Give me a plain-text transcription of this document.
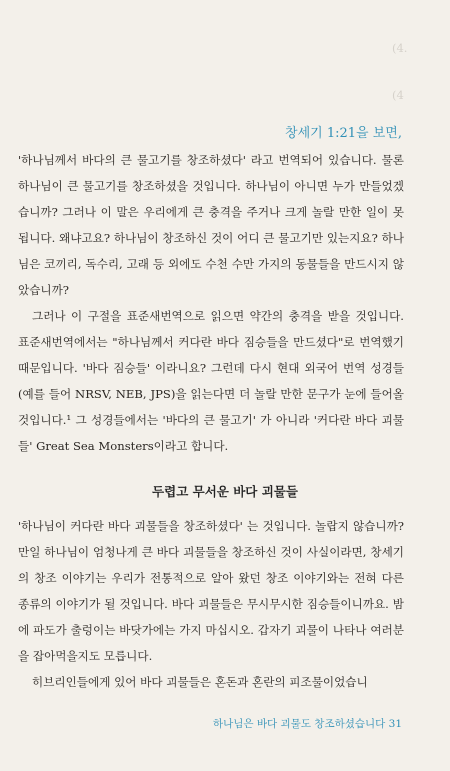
(4.
(4
창세기 1:21을 보면,

'하나님께서 바다의 큰 물고기를 창조하셨다' 라고 번역되어 있습니다. 물론 하나님이 큰 물고기를 창조하셨을 것입니다. 하나님이 아니면 누가 만들었겠습니까? 그러나 이 말은 우리에게 큰 충격을 주거나 크게 놀랄 만한 일이 못 됩니다. 왜냐고요? 하나님이 창조하신 것이 어디 큰 물고기만 있는지요? 하나님은 코끼리, 독수리, 고래 등 외에도 수천 수만 가지의 동물들을 만드시지 않았습니까?

그러나 이 구절을 표준새번역으로 읽으면 약간의 충격을 받을 것입니다. 표준새번역에서는 "하나님께서 커다란 바다 짐승들을 만드셨다"로 번역했기 때문입니다. '바다 짐승들' 이라니요? 그런데 다시 현대 외국어 번역 성경들(예를 들어 NRSV, NEB, JPS)을 읽는다면 더 놀랄 만한 문구가 눈에 들어올 것입니다.¹ 그 성경들에서는 '바다의 큰 물고기' 가 아니라 '커다란 바다 괴물들' Great Sea Monsters이라고 합니다.

두렵고 무서운 바다 괴물들

'하나님이 커다란 바다 괴물들을 창조하셨다' 는 것입니다. 놀랍지 않습니까? 만일 하나님이 엄청나게 큰 바다 괴물들을 창조하신 것이 사실이라면, 창세기의 창조 이야기는 우리가 전통적으로 알아 왔던 창조 이야기와는 전혀 다른 종류의 이야기가 될 것입니다. 바다 괴물들은 무시무시한 짐승들이니까요. 밤에 파도가 출렁이는 바닷가에는 가지 마십시오. 갑자기 괴물이 나타나 여러분을 잡아먹을지도 모릅니다.

히브리인들에게 있어 바다 괴물들은 혼돈과 혼란의 피조물이었습니

하나님은 바다 괴물도 창조하셨습니다 31
